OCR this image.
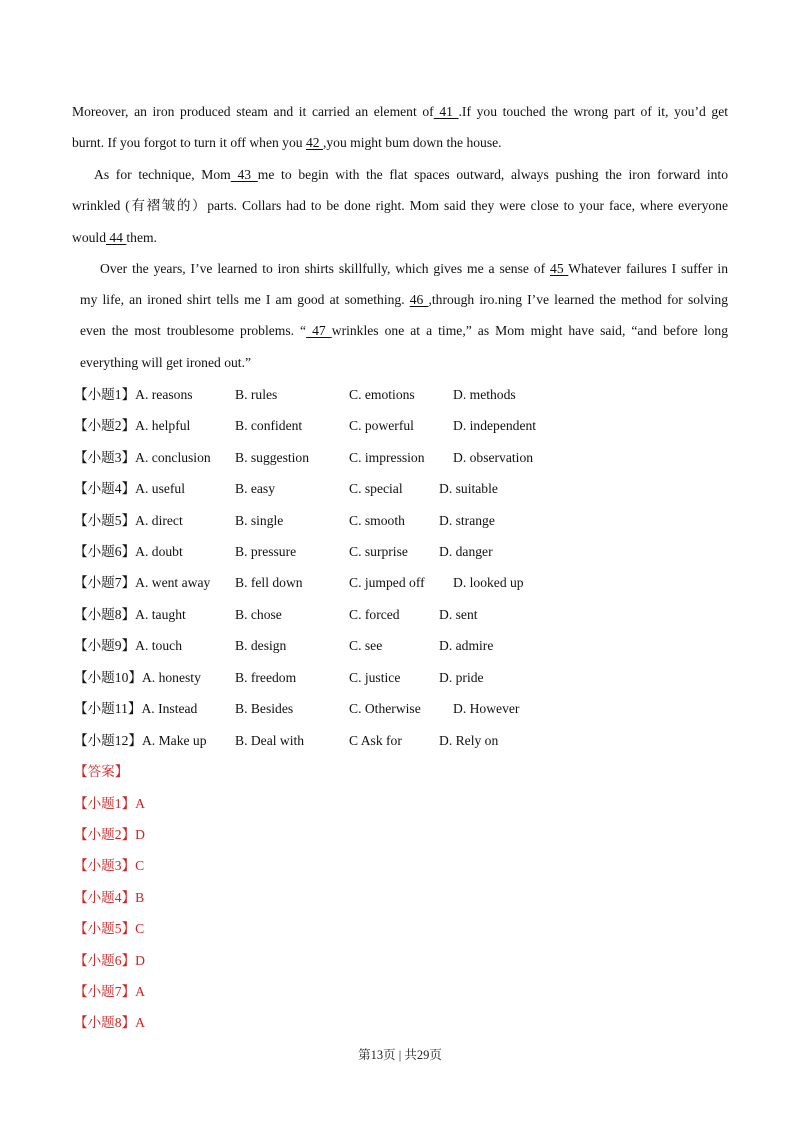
Moreover, an iron produced steam and it carried an element of 41 .If you touched the wrong part of it, you’d get
burnt. If you forgot to turn it off when you 42 ,you might bum down the house.
As for technique, Mom 43 me to begin with the flat spaces outward, always pushing the iron forward into
wrinkled (有褶皱的）parts. Collars had to be done right. Mom said they were close to your face, where everyone
would 44 them.
Over the years, I’ve learned to iron shirts skillfully, which gives me a sense of 45 Whatever failures I suffer in
my life, an ironed shirt tells me I am good at something. 46 ,through iro.ning I’ve learned the method for solving
even the most troublesome problems. “ 47 wrinkles one at a time,” as Mom might have said, “and before long
everything will get ironed out.”
【小题1】A. reasons	B. rules	C. emotions	D. methods
【小题2】A. helpful	B. confident	C. powerful	D. independent
【小题3】A. conclusion B. suggestion	C. impression D. observation
【小题4】A. useful	B. easy	C. special	D. suitable
【小题5】A. direct	B. single	C. smooth	D. strange
【小题6】A. doubt	B. pressure	C. surprise D. danger
【小题7】A. went away B. fell down	C. jumped off D. looked up
【小题8】A. taught	B. chose	C. forced	D. sent
【小题9】A. touch	B. design	C. see	D. admire
【小题10】A. honesty	B. freedom	C. justice	D. pride
【小题11】A. Instead	B. Besides	C. Otherwise D. However
【小题12】A. Make up B. Deal with	C Ask for	D. Rely on
【答案】
【小题1】A
【小题2】D
【小题3】C
【小题4】B
【小题5】C
【小题6】D
【小题7】A
【小题8】A
第13页 | 共29页
